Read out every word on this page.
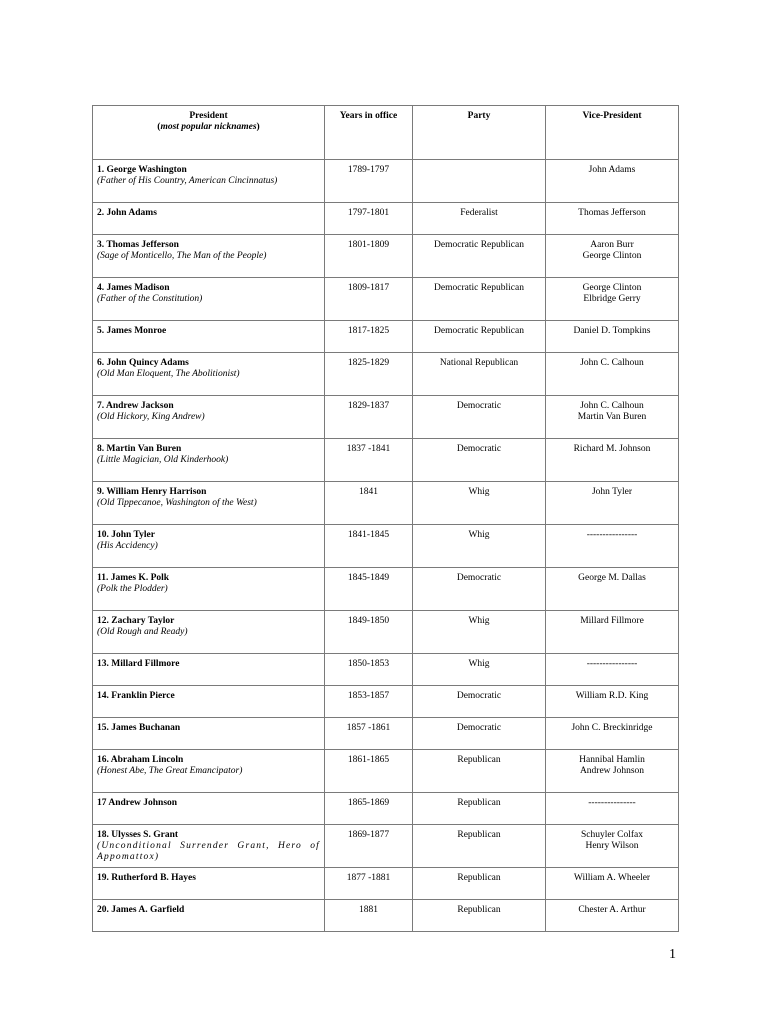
President
(most popular nicknames)	Years in office	Party	Vice-President

1. George Washington
(Father of His Country, American Cincinnatus)	1789-1797		John Adams

2. John Adams	1797-1801	Federalist	Thomas Jefferson

3. Thomas Jefferson
(Sage of Monticello, The Man of the People)	1801-1809	Democratic Republican	Aaron Burr
George Clinton

4. James Madison
(Father of the Constitution)	1809-1817	Democratic Republican	George Clinton
Elbridge Gerry

5. James Monroe	1817-1825	Democratic Republican	Daniel D. Tompkins

6. John Quincy Adams
(Old Man Eloquent, The Abolitionist)	1825-1829	National Republican	John C. Calhoun

7. Andrew Jackson
(Old Hickory, King Andrew)	1829-1837	Democratic	John C. Calhoun
Martin Van Buren

8. Martin Van Buren
(Little Magician, Old Kinderhook)	1837 -1841	Democratic	Richard M. Johnson

9. William Henry Harrison
(Old Tippecanoe, Washington of the West)	1841	Whig	John Tyler

10. John Tyler
(His Accidency)	1841-1845	Whig	----------------

11. James K. Polk
(Polk the Plodder)	1845-1849	Democratic	George M. Dallas

12. Zachary Taylor
(Old Rough and Ready)	1849-1850	Whig	Millard Fillmore

13. Millard Fillmore	1850-1853	Whig	----------------

14. Franklin Pierce	1853-1857	Democratic	William R.D. King

15. James Buchanan	1857 -1861	Democratic	John C. Breckinridge

16. Abraham Lincoln
(Honest Abe, The Great Emancipator)	1861-1865	Republican	Hannibal Hamlin
Andrew Johnson

17 Andrew Johnson	1865-1869	Republican	---------------

18. Ulysses S. Grant
(Unconditional Surrender Grant, Hero of Appomattox)	1869-1877	Republican	Schuyler Colfax
Henry Wilson

19. Rutherford B. Hayes	1877 -1881	Republican	William A. Wheeler

20. James A. Garfield	1881	Republican	Chester A. Arthur
1
